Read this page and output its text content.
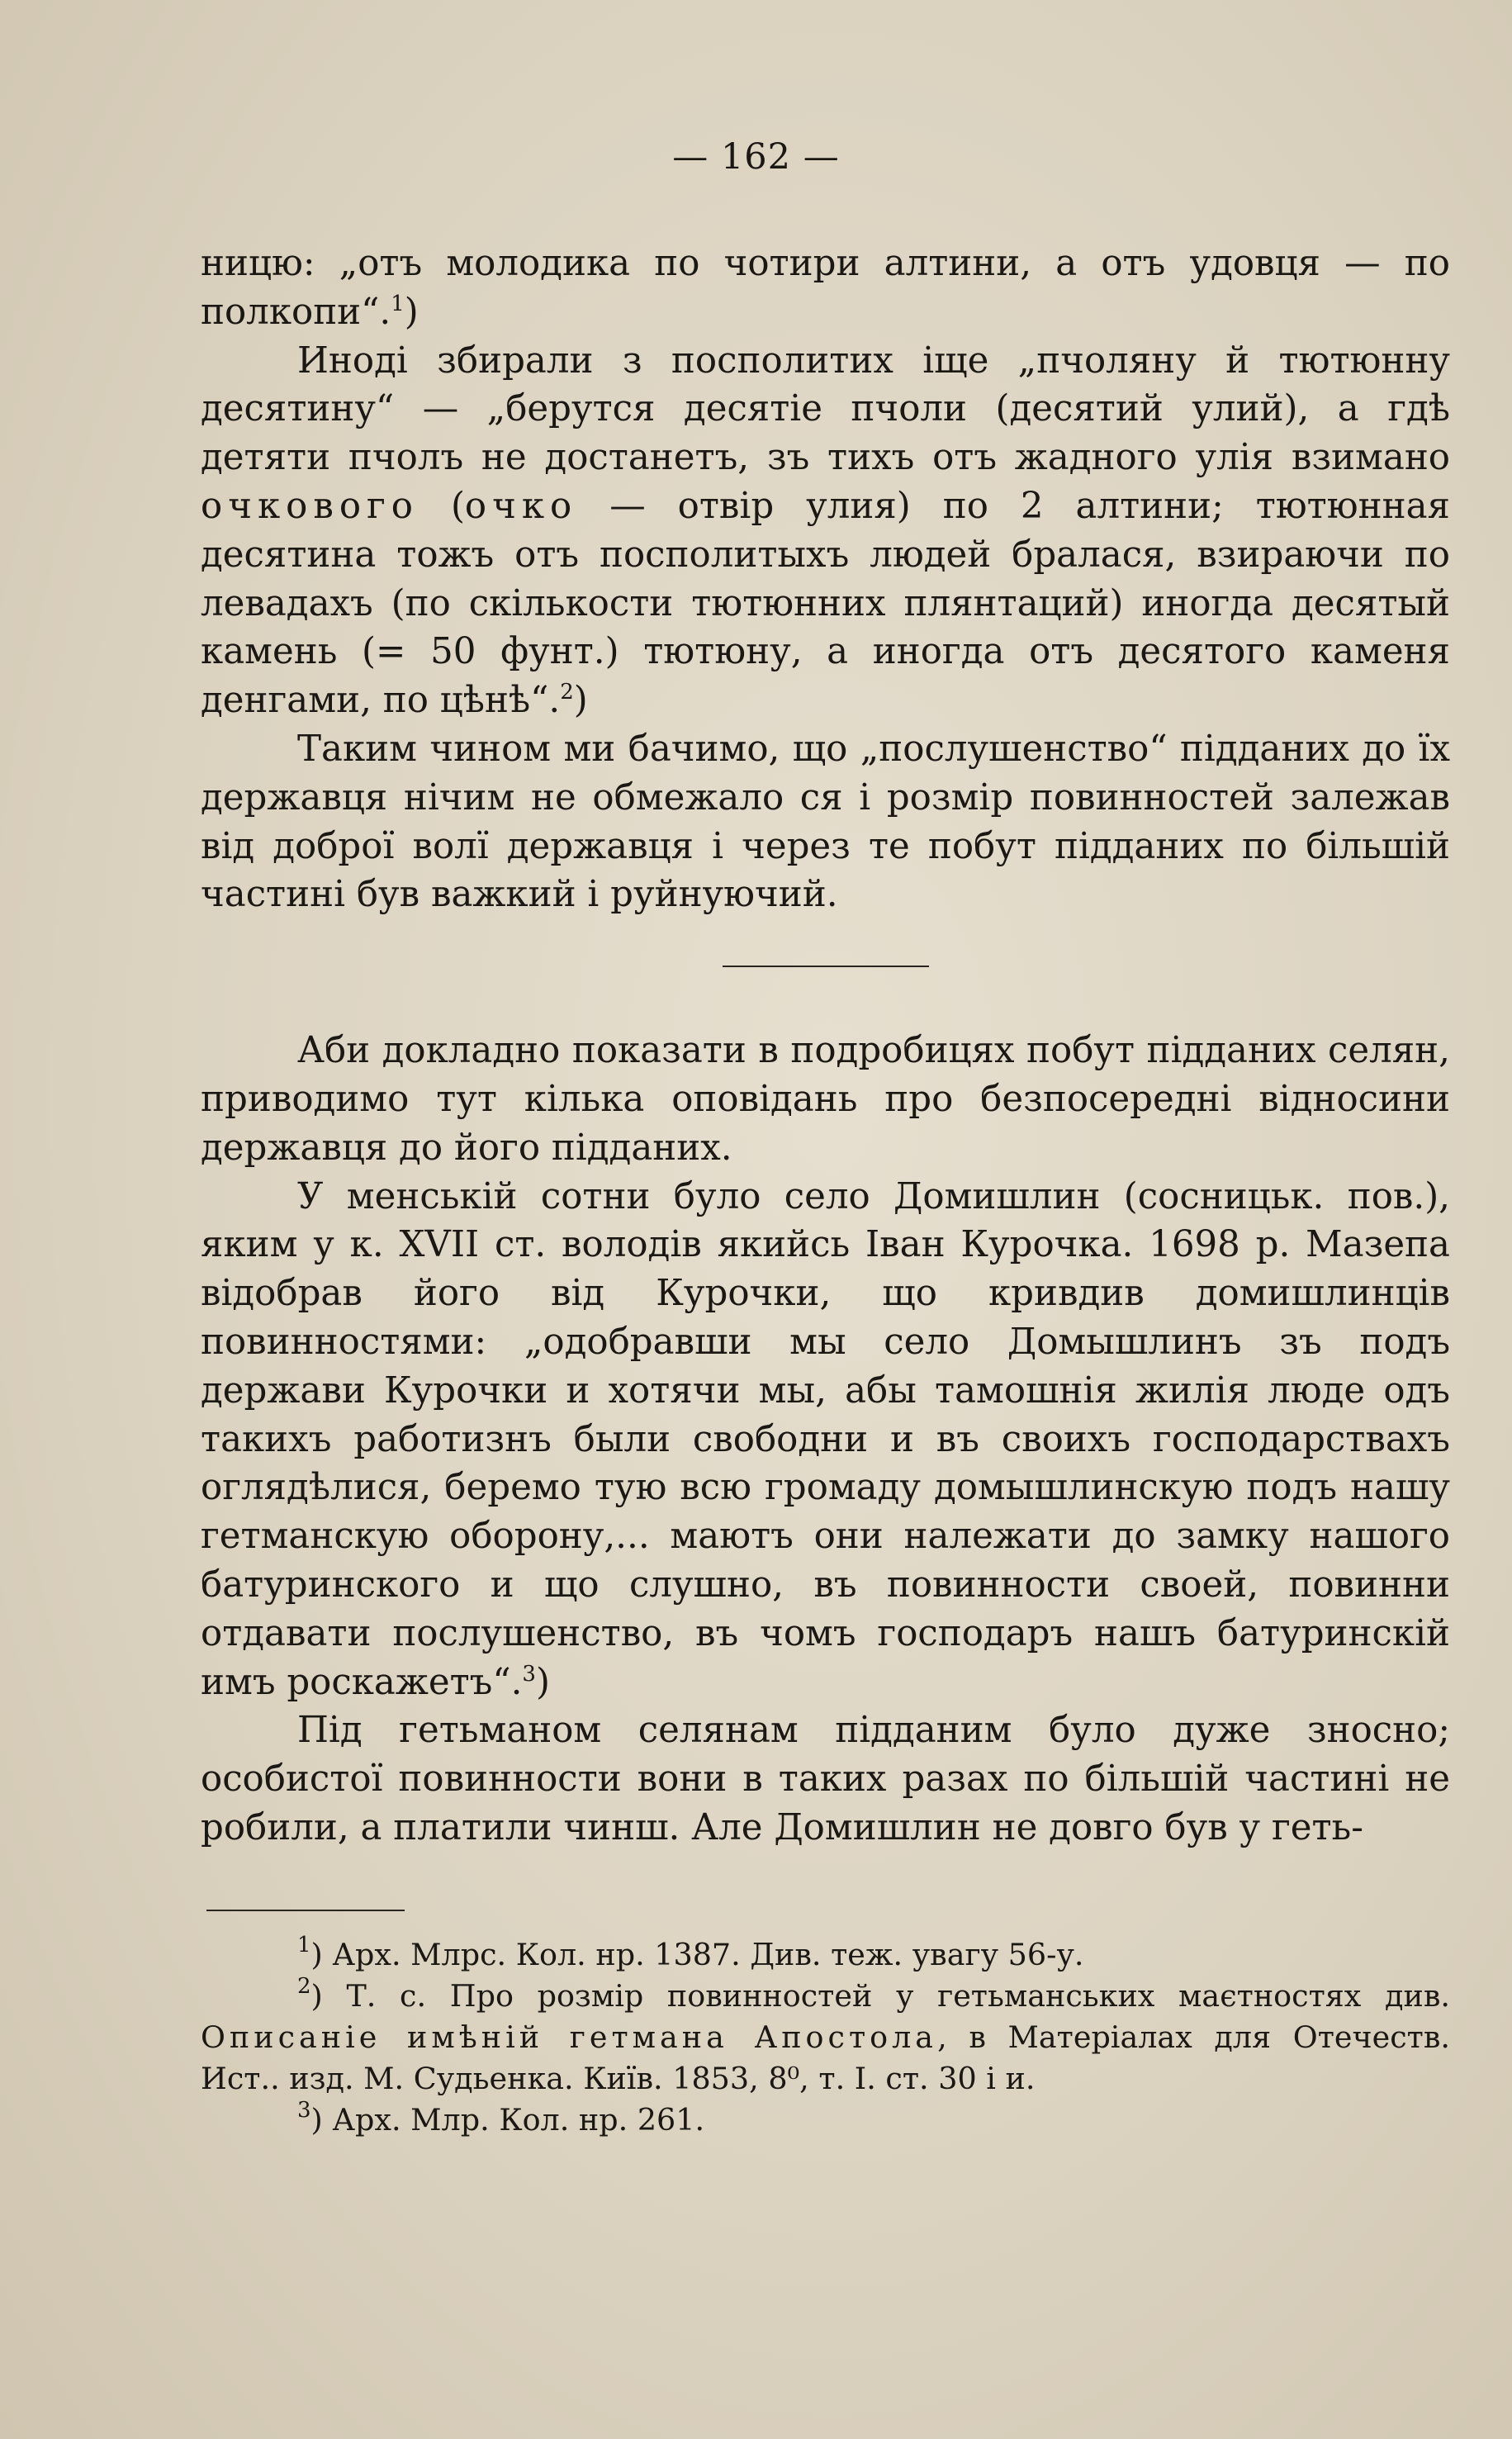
— 162 —

ницю: „отъ молодика по чотири алтини, а отъ удовця — по полкопи“.$^1$)

Иноді збирали з посполитих іще „пчоляну й тютюнну десятину“ — „берутся десятіе пчоли (десятий улий), а гдѣ детяти пчолъ не достанетъ, зъ тихъ отъ жадного улія взимано очкового (очко — отвір улия) по 2 алтини; тютюнная десятина тожъ отъ посполитыхъ людей бралася, взираючи по левадахъ (по скількости тютюнних плянтаций) иногда десятый камень (= 50 фунт.) тютюну, а иногда отъ десятого каменя денгами, по цѣнѣ“.$^2$)

Таким чином ми бачимо, що „послушенство“ підданих до їх державця нічим не обмежало ся і розмір повинностей залежав від доброї волї державця і через те побут підданих по більшій частині був важкий і руйнуючий.

Аби докладно показати в подробицях побут підданих селян, приводимо тут кілька оповідань про безпосередні відносини державця до його підданих.

У менській сотни було село Домишлин (сосницьк. пов.), яким у к. XVII ст. володів якийсь Іван Курочка. 1698 р. Мазепа відобрав його від Курочки, що кривдив домишлинців повинностями: „одобравши мы село Домышлинъ зъ подъ держави Курочки и хотячи мы, абы тамошнія жилія люде одъ такихъ работизнъ были свободни и въ своихъ господарствахъ оглядѣлися, беремо тую всю громаду домышлинскую подъ нашу гетманскую оборону,... маютъ они належати до замку нашого батуринского и що слушно, въ повинности своей, повинни отдавати послушенство, въ чомъ господаръ нашъ батуринскій имъ роскажетъ“.$^3$)

Під гетьманом селянам підданим було дуже зносно; особистої повинности вони в таких разах по більшій частині не робили, а платили чинш. Але Домишлин не довго був у геть-

$^1$) Арх. Млрс. Кол. нр. 1387. Див. теж. увагу 56-у.

$^2$) Т. с. Про розмір повинностей у гетьманських маєтностях див. Описаніе имѣній гетмана Апостола, в Матеріалах для Отечеств. Ист.. изд. М. Судьенка. Київ. 1853, 8⁰, т. I. ст. 30 і и.

$^3$) Арх. Млр. Кол. нр. 261.
